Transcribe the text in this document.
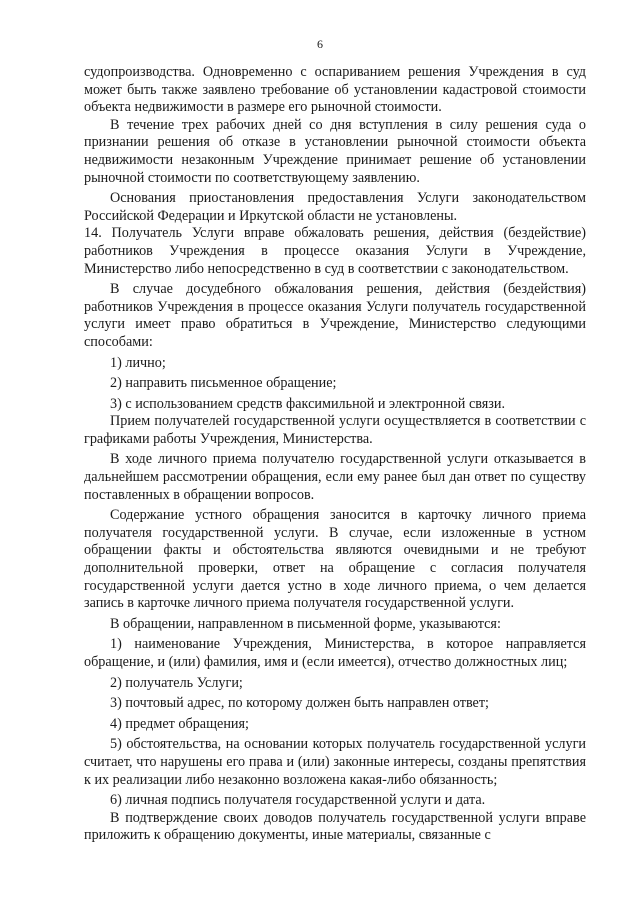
6

судопроизводства. Одновременно с оспариванием решения Учреждения в суд может быть также заявлено требование об установлении кадастровой стоимости объекта недвижимости в размере его рыночной стоимости.

В течение трех рабочих дней со дня вступления в силу решения суда о признании решения об отказе в установлении рыночной стоимости объекта недвижимости незаконным Учреждение принимает решение об установлении рыночной стоимости по соответствующему заявлению.

Основания приостановления предоставления Услуги законодательством Российской Федерации и Иркутской области не установлены.

14. Получатель Услуги вправе обжаловать решения, действия (бездействие) работников Учреждения в процессе оказания Услуги в Учреждение, Министерство либо непосредственно в суд в соответствии с законодательством.

В случае досудебного обжалования решения, действия (бездействия) работников Учреждения в процессе оказания Услуги получатель государственной услуги имеет право обратиться в Учреждение, Министерство следующими способами:

1) лично;

2) направить письменное обращение;

3) с использованием средств факсимильной и электронной связи.

Прием получателей государственной услуги осуществляется в соответствии с графиками работы Учреждения, Министерства.

В ходе личного приема получателю государственной услуги отказывается в дальнейшем рассмотрении обращения, если ему ранее был дан ответ по существу поставленных в обращении вопросов.

Содержание устного обращения заносится в карточку личного приема получателя государственной услуги. В случае, если изложенные в устном обращении факты и обстоятельства являются очевидными и не требуют дополнительной проверки, ответ на обращение с согласия получателя государственной услуги дается устно в ходе личного приема, о чем делается запись в карточке личного приема получателя государственной услуги.

В обращении, направленном в письменной форме, указываются:

1) наименование Учреждения, Министерства, в которое направляется обращение, и (или) фамилия, имя и (если имеется), отчество должностных лиц;

2) получатель Услуги;

3) почтовый адрес, по которому должен быть направлен ответ;

4) предмет обращения;

5) обстоятельства, на основании которых получатель государственной услуги считает, что нарушены его права и (или) законные интересы, созданы препятствия к их реализации либо незаконно возложена какая-либо обязанность;

6) личная подпись получателя государственной услуги и дата.

В подтверждение своих доводов получатель государственной услуги вправе приложить к обращению документы, иные материалы, связанные с
